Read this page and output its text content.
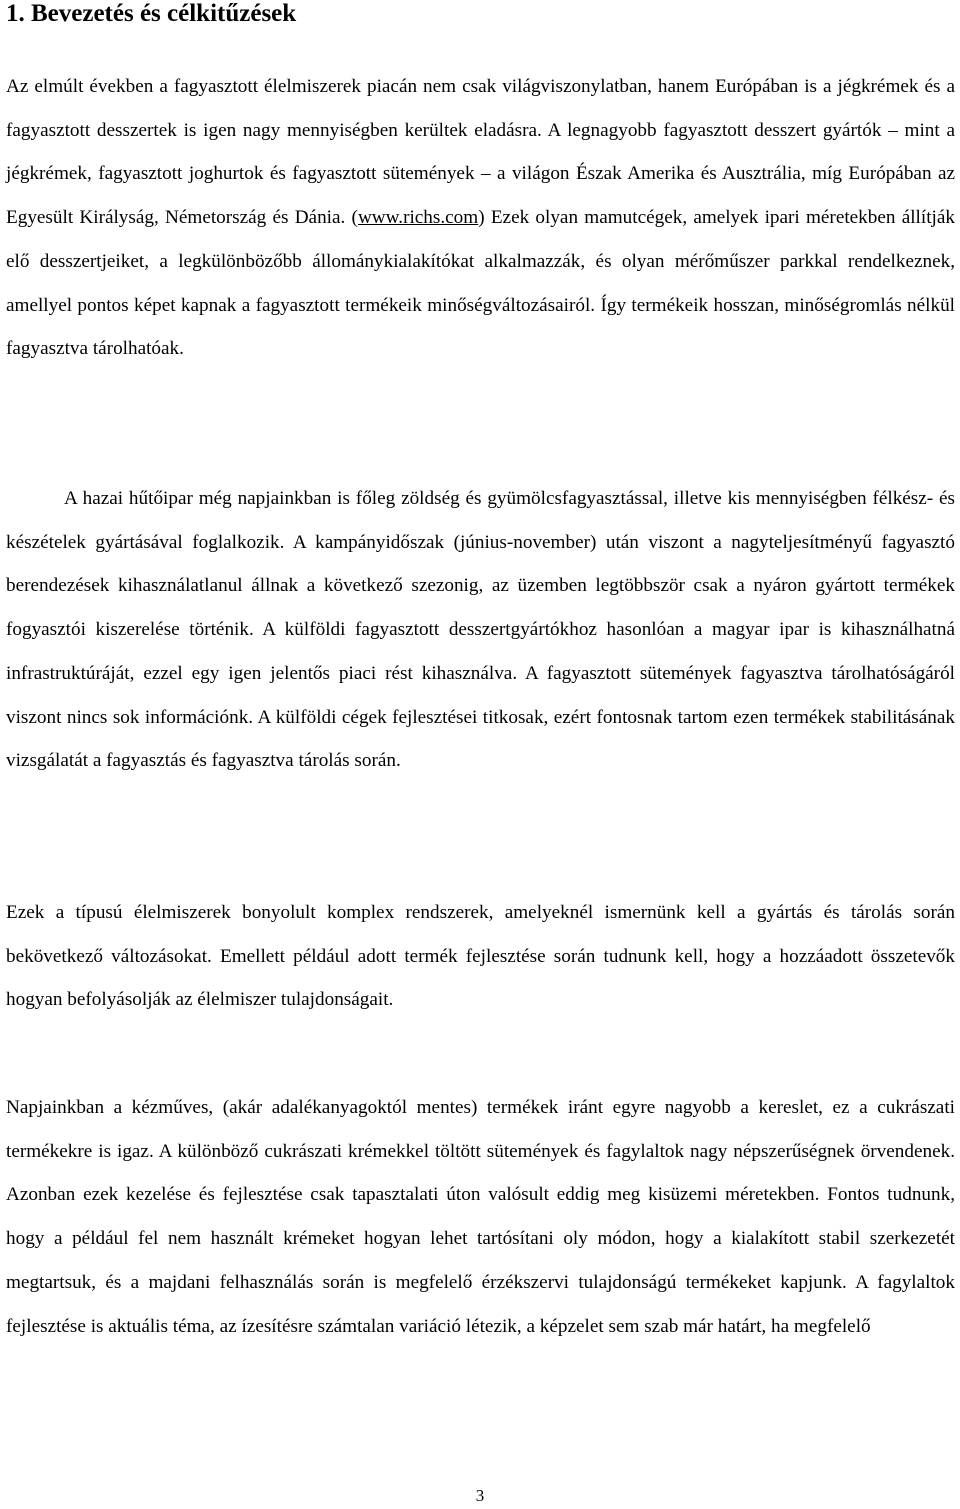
1. Bevezetés és célkitűzések

Az elmúlt években a fagyasztott élelmiszerek piacán nem csak világviszonylatban, hanem Európában is a jégkrémek és a fagyasztott desszertek is igen nagy mennyiségben kerültek eladásra. A legnagyobb fagyasztott desszert gyártók – mint a jégkrémek, fagyasztott joghurtok és fagyasztott sütemények – a világon Észak Amerika és Ausztrália, míg Európában az Egyesült Királyság, Németország és Dánia. (www.richs.com) Ezek olyan mamutcégek, amelyek ipari méretekben állítják elő desszertjeiket, a legkülönbözőbb állománykialakítókat alkalmazzák, és olyan mérőműszer parkkal rendelkeznek, amellyel pontos képet kapnak a fagyasztott termékeik minőségváltozásairól. Így termékeik hosszan, minőségromlás nélkül fagyasztva tárolhatóak.

A hazai hűtőipar még napjainkban is főleg zöldség és gyümölcsfagyasztással, illetve kis mennyiségben félkész- és készételek gyártásával foglalkozik. A kampányidőszak (június-november) után viszont a nagyteljesítményű fagyasztó berendezések kihasználatlanul állnak a következő szezonig, az üzemben legtöbbször csak a nyáron gyártott termékek fogyasztói kiszerelése történik. A külföldi fagyasztott desszertgyártókhoz hasonlóan a magyar ipar is kihasználhatná infrastruktúráját, ezzel egy igen jelentős piaci rést kihasználva. A fagyasztott sütemények fagyasztva tárolhatóságáról viszont nincs sok információnk. A külföldi cégek fejlesztései titkosak, ezért fontosnak tartom ezen termékek stabilitásának vizsgálatát a fagyasztás és fagyasztva tárolás során.

Ezek a típusú élelmiszerek bonyolult komplex rendszerek, amelyeknél ismernünk kell a gyártás és tárolás során bekövetkező változásokat. Emellett például adott termék fejlesztése során tudnunk kell, hogy a hozzáadott összetevők hogyan befolyásolják az élelmiszer tulajdonságait.

Napjainkban a kézműves, (akár adalékanyagoktól mentes) termékek iránt egyre nagyobb a kereslet, ez a cukrászati termékekre is igaz. A különböző cukrászati krémekkel töltött sütemények és fagylaltok nagy népszerűségnek örvendenek. Azonban ezek kezelése és fejlesztése csak tapasztalati úton valósult eddig meg kisüzemi méretekben. Fontos tudnunk, hogy a például fel nem használt krémeket hogyan lehet tartósítani oly módon, hogy a kialakított stabil szerkezetét megtartsuk, és a majdani felhasználás során is megfelelő érzékszervi tulajdonságú termékeket kapjunk. A fagylaltok fejlesztése is aktuális téma, az ízesítésre számtalan variáció létezik, a képzelet sem szab már határt, ha megfelelő

3
